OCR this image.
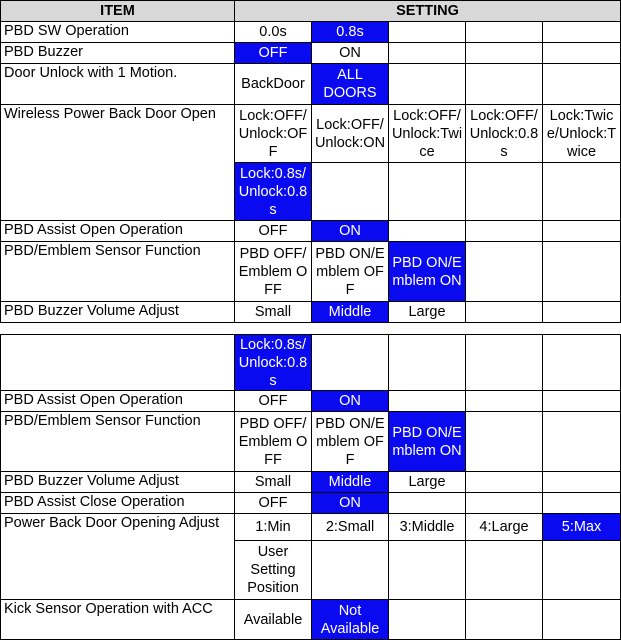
ITEM	SETTING				
PBD SW Operation	0.0s	0.8s			
PBD Buzzer	OFF	ON			
Door Unlock with 1 Motion.	BackDoor	ALL DOORS			
Wireless Power Back Door Open	Lock:OFF/Unlock:OFF	Lock:OFF/Unlock:ON	Lock:OFF/Unlock:Twice	Lock:OFF/Unlock:0.8s	Lock:Twice/Unlock:Twice
	Lock:0.8s/Unlock:0.8s				
PBD Assist Open Operation	OFF	ON			
PBD/Emblem Sensor Function	PBD OFF/Emblem OFF	PBD ON/Emblem OFF	PBD ON/Emblem ON		
PBD Buzzer Volume Adjust	Small	Middle	Large		
	Lock:0.8s/Unlock:0.8s				
PBD Assist Open Operation	OFF	ON			
PBD/Emblem Sensor Function	PBD OFF/Emblem OFF	PBD ON/Emblem OFF	PBD ON/Emblem ON		
PBD Buzzer Volume Adjust	Small	Middle	Large		
PBD Assist Close Operation	OFF	ON			
Power Back Door Opening Adjust	1:Min	2:Small	3:Middle	4:Large	5:Max
	User Setting Position				
Kick Sensor Operation with ACC	Available	Not Available			
